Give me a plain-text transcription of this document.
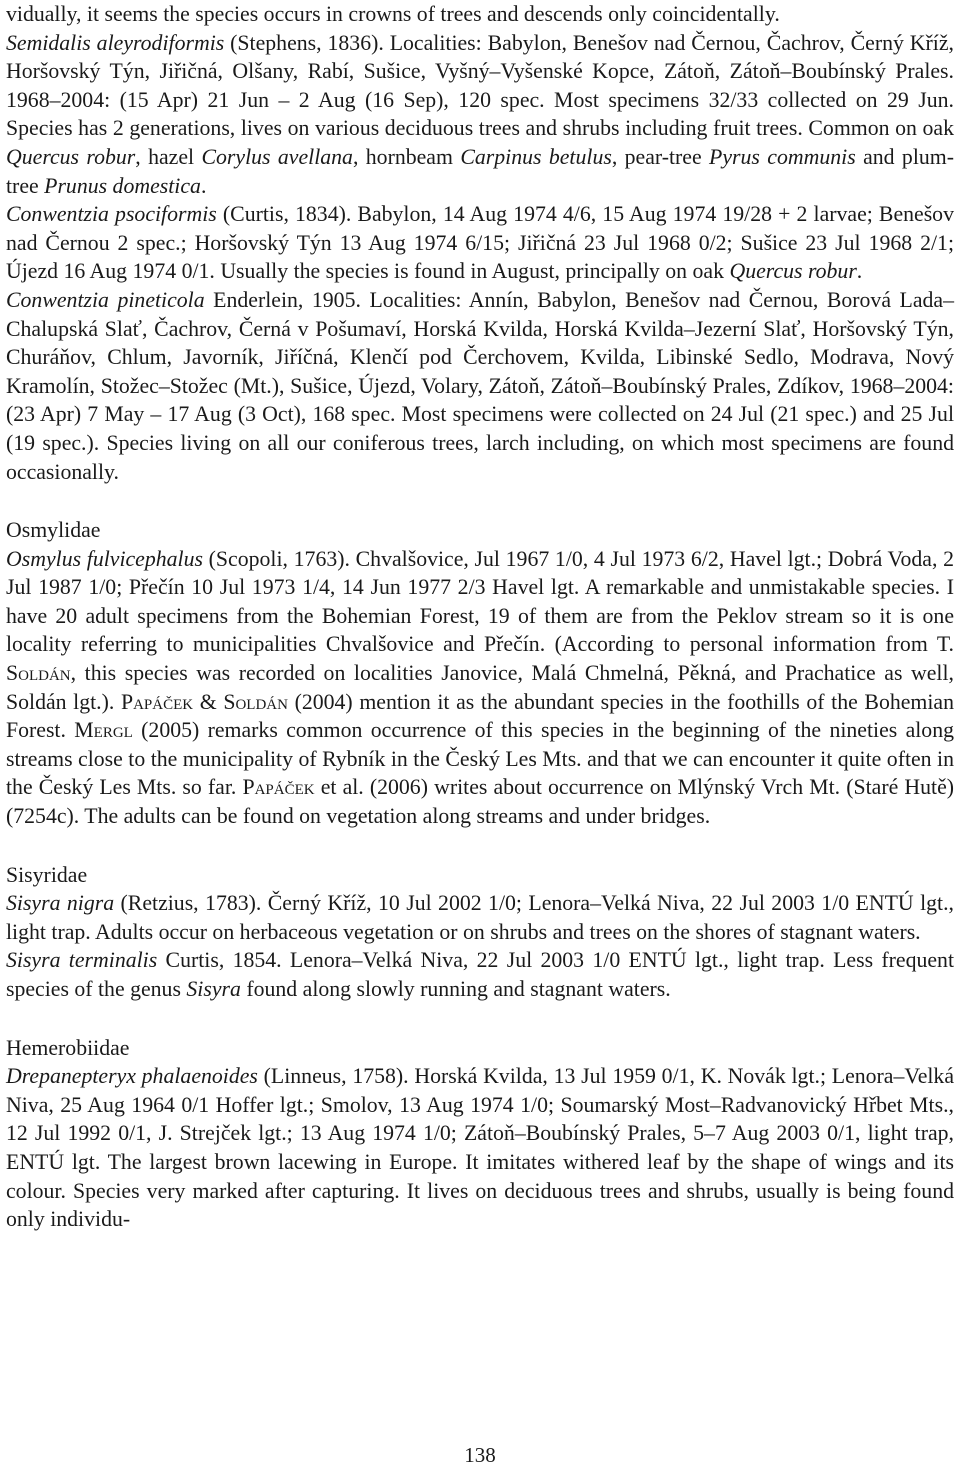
vidually, it seems the species occurs in crowns of trees and descends only coincidentally.

Semidalis aleyrodiformis (Stephens, 1836). Localities: Babylon, Benešov nad Černou, Čachrov, Černý Kříž, Horšovský Týn, Jiřičná, Olšany, Rabí, Sušice, Vyšný–Vyšenské Kopce, Zátoň, Zátoň–Boubínský Prales. 1968–2004: (15 Apr) 21 Jun – 2 Aug (16 Sep), 120 spec. Most specimens 32/33 collected on 29 Jun. Species has 2 generations, lives on various deciduous trees and shrubs including fruit trees. Common on oak Quercus robur, hazel Corylus avellana, hornbeam Carpinus betulus, pear-tree Pyrus communis and plum-tree Prunus domestica.

Conwentzia psociformis (Curtis, 1834). Babylon, 14 Aug 1974 4/6, 15 Aug 1974 19/28 + 2 larvae; Benešov nad Černou 2 spec.; Horšovský Týn 13 Aug 1974 6/15; Jiřičná 23 Jul 1968 0/2; Sušice 23 Jul 1968 2/1; Újezd 16 Aug 1974 0/1. Usually the species is found in August, principally on oak Quercus robur.

Conwentzia pineticola Enderlein, 1905. Localities: Annín, Babylon, Benešov nad Černou, Borová Lada–Chalupská Slať, Čachrov, Černá v Pošumaví, Horská Kvilda, Horská Kvilda–Jezerní Slať, Horšovský Týn, Churáňov, Chlum, Javorník, Jiříčná, Klenčí pod Čerchovem, Kvilda, Libinské Sedlo, Modrava, Nový Kramolín, Stožec–Stožec (Mt.), Sušice, Újezd, Volary, Zátoň, Zátoň–Boubínský Prales, Zdíkov, 1968–2004: (23 Apr) 7 May – 17 Aug (3 Oct), 168 spec. Most specimens were collected on 24 Jul (21 spec.) and 25 Jul (19 spec.). Species living on all our coniferous trees, larch including, on which most specimens are found occasionally.

Osmylidae

Osmylus fulvicephalus (Scopoli, 1763). Chvalšovice, Jul 1967 1/0, 4 Jul 1973 6/2, Havel lgt.; Dobrá Voda, 2 Jul 1987 1/0; Přečín 10 Jul 1973 1/4, 14 Jun 1977 2/3 Havel lgt. A remarkable and unmistakable species. I have 20 adult specimens from the Bohemian Forest, 19 of them are from the Peklov stream so it is one locality referring to municipalities Chvalšovice and Přečín. (According to personal information from T. Soldán, this species was recorded on localities Janovice, Malá Chmelná, Pěkná, and Prachatice as well, Soldán lgt.). Papáček & Soldán (2004) mention it as the abundant species in the foothills of the Bohemian Forest. Mergl (2005) remarks common occurrence of this species in the beginning of the nineties along streams close to the municipality of Rybník in the Český Les Mts. and that we can encounter it quite often in the Český Les Mts. so far. Papáček et al. (2006) writes about occurrence on Mlýnský Vrch Mt. (Staré Hutě) (7254c). The adults can be found on vegetation along streams and under bridges.

Sisyridae

Sisyra nigra (Retzius, 1783). Černý Kříž, 10 Jul 2002 1/0; Lenora–Velká Niva, 22 Jul 2003 1/0 ENTÚ lgt., light trap. Adults occur on herbaceous vegetation or on shrubs and trees on the shores of stagnant waters.

Sisyra terminalis Curtis, 1854. Lenora–Velká Niva, 22 Jul 2003 1/0 ENTÚ lgt., light trap. Less frequent species of the genus Sisyra found along slowly running and stagnant waters.

Hemerobiidae

Drepanepteryx phalaenoides (Linneus, 1758). Horská Kvilda, 13 Jul 1959 0/1, K. Novák lgt.; Lenora–Velká Niva, 25 Aug 1964 0/1 Hoffer lgt.; Smolov, 13 Aug 1974 1/0; Soumarský Most–Radvanovický Hřbet Mts., 12 Jul 1992 0/1, J. Strejček lgt.; 13 Aug 1974 1/0; Zátoň–Boubínský Prales, 5–7 Aug 2003 0/1, light trap, ENTÚ lgt. The largest brown lacewing in Europe. It imitates withered leaf by the shape of wings and its colour. Species very marked after capturing. It lives on deciduous trees and shrubs, usually is being found only individu-

138
